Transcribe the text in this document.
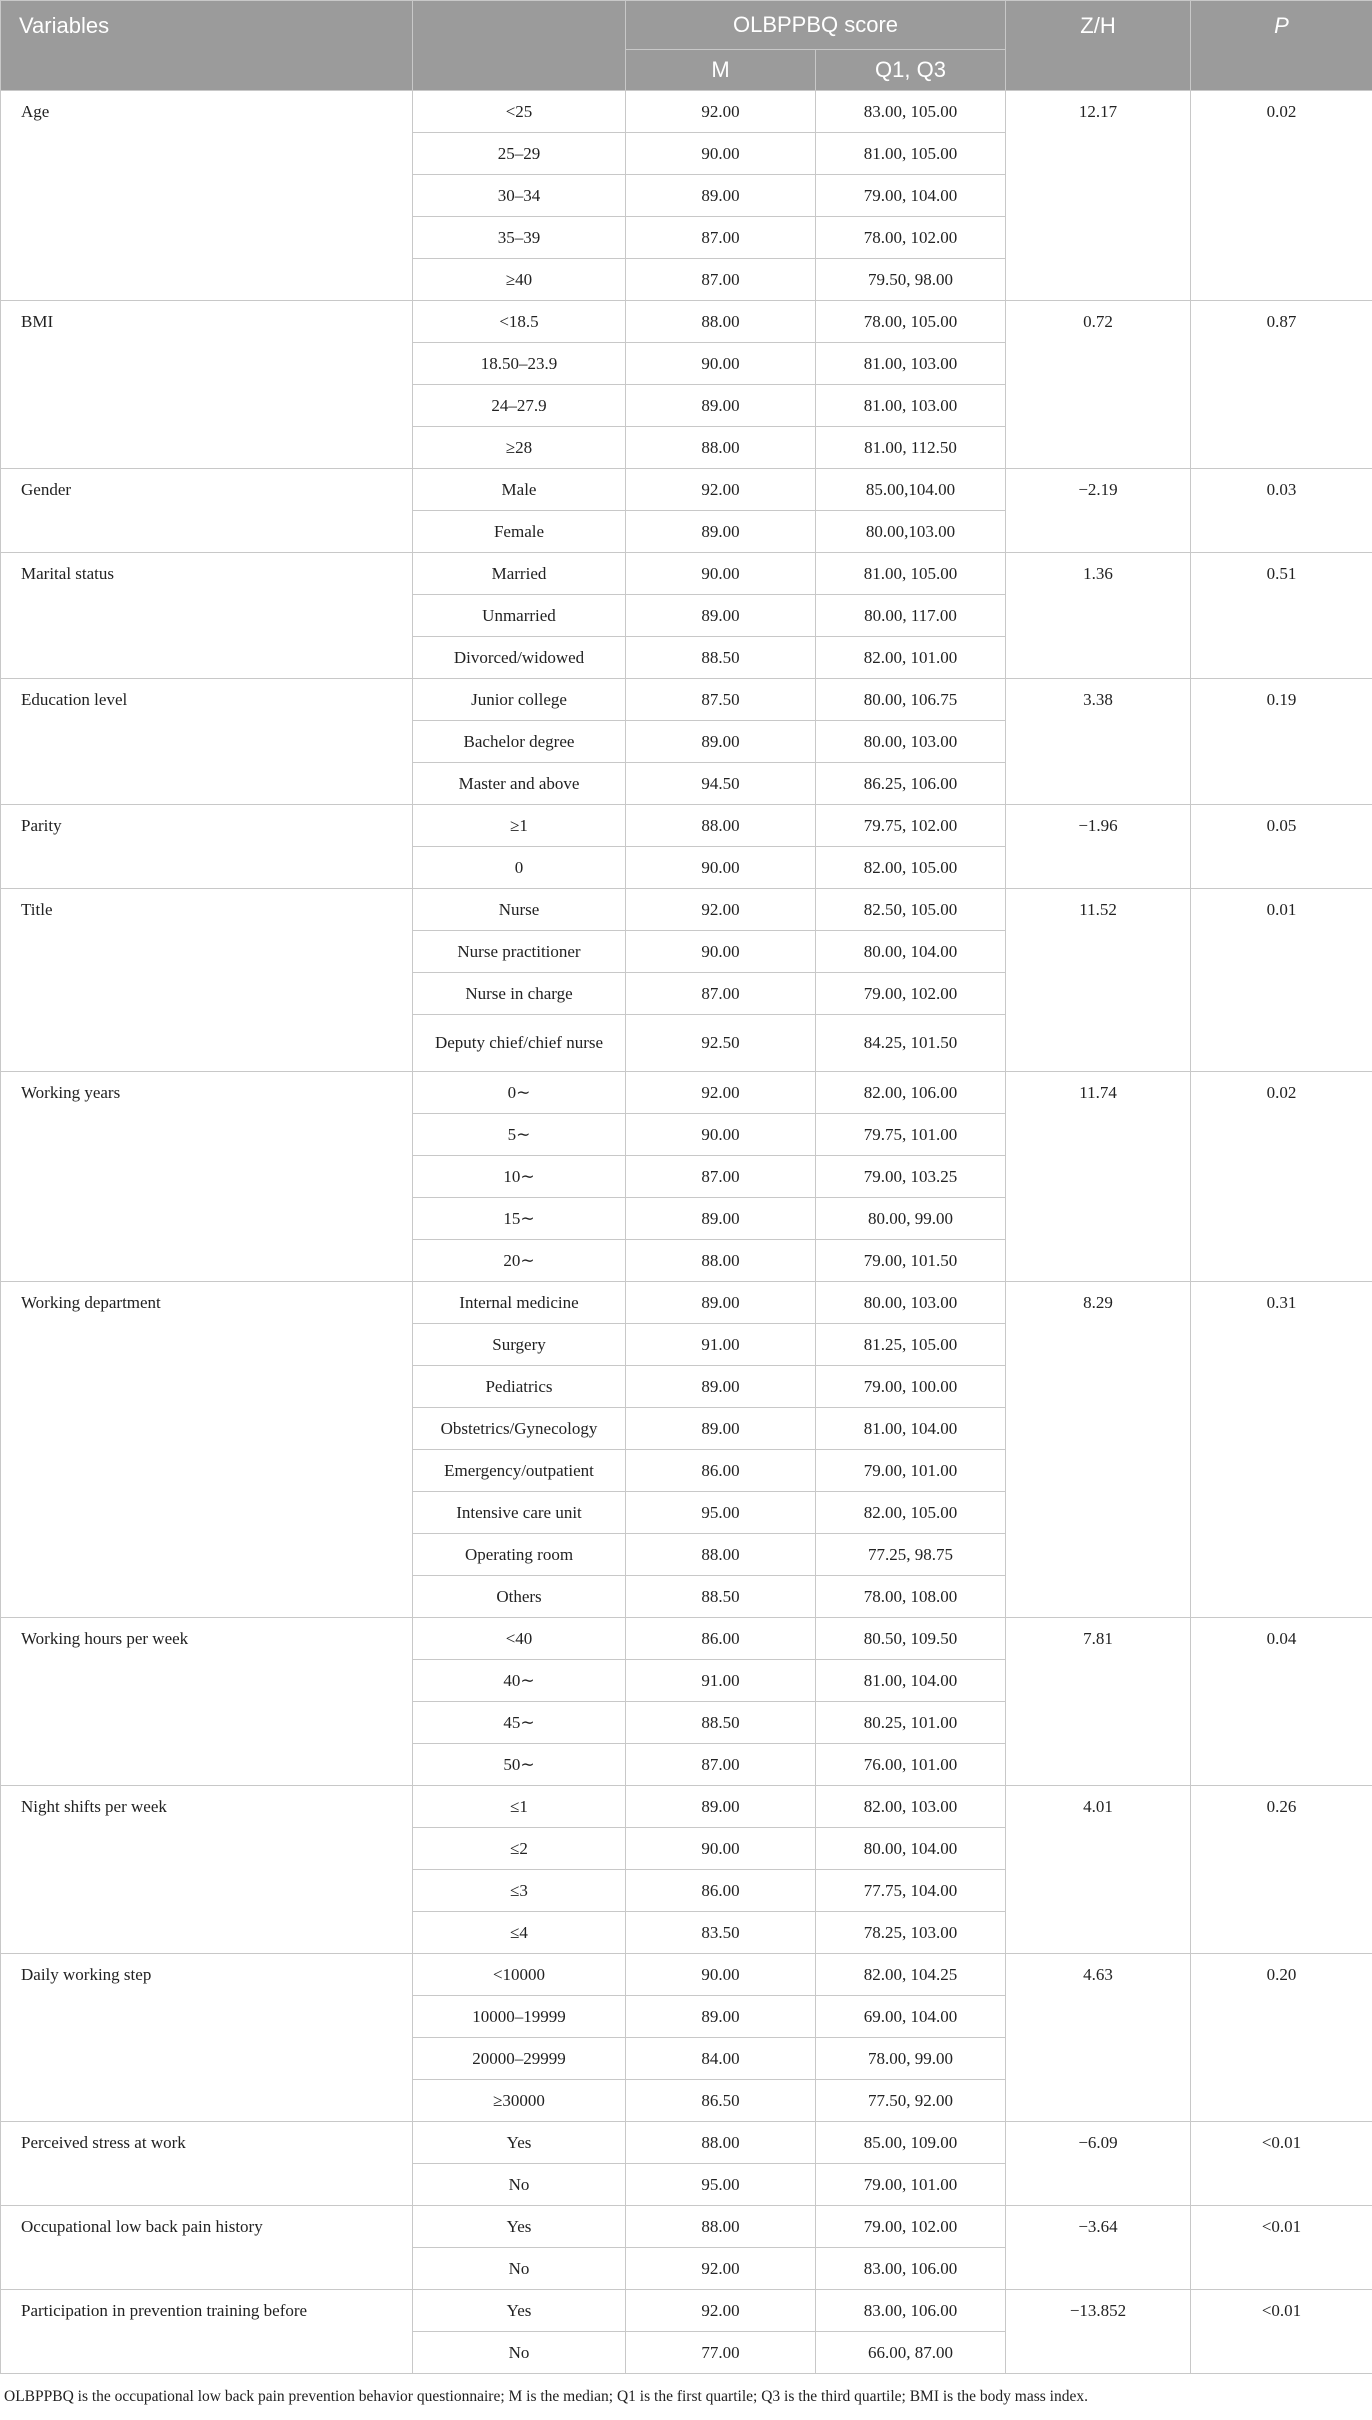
Variables		OLBPPBQ score		Z/H	P
		M	Q1, Q3		
Age	<25	92.00	83.00, 105.00	12.17	0.02
	25–29	90.00	81.00, 105.00		
	30–34	89.00	79.00, 104.00		
	35–39	87.00	78.00, 102.00		
	≥40	87.00	79.50, 98.00		
BMI	<18.5	88.00	78.00, 105.00	0.72	0.87
	18.50–23.9	90.00	81.00, 103.00		
	24–27.9	89.00	81.00, 103.00		
	≥28	88.00	81.00, 112.50		
Gender	Male	92.00	85.00,104.00	−2.19	0.03
	Female	89.00	80.00,103.00		
Marital status	Married	90.00	81.00, 105.00	1.36	0.51
	Unmarried	89.00	80.00, 117.00		
	Divorced/widowed	88.50	82.00, 101.00		
Education level	Junior college	87.50	80.00, 106.75	3.38	0.19
	Bachelor degree	89.00	80.00, 103.00		
	Master and above	94.50	86.25, 106.00		
Parity	≥1	88.00	79.75, 102.00	−1.96	0.05
	0	90.00	82.00, 105.00		
Title	Nurse	92.00	82.50, 105.00	11.52	0.01
	Nurse practitioner	90.00	80.00, 104.00		
	Nurse in charge	87.00	79.00, 102.00		
	Deputy chief/chief nurse	92.50	84.25, 101.50		
Working years	0∼	92.00	82.00, 106.00	11.74	0.02
	5∼	90.00	79.75, 101.00		
	10∼	87.00	79.00, 103.25		
	15∼	89.00	80.00, 99.00		
	20∼	88.00	79.00, 101.50		
Working department	Internal medicine	89.00	80.00, 103.00	8.29	0.31
	Surgery	91.00	81.25, 105.00		
	Pediatrics	89.00	79.00, 100.00		
	Obstetrics/Gynecology	89.00	81.00, 104.00		
	Emergency/outpatient	86.00	79.00, 101.00		
	Intensive care unit	95.00	82.00, 105.00		
	Operating room	88.00	77.25, 98.75		
	Others	88.50	78.00, 108.00		
Working hours per week	<40	86.00	80.50, 109.50	7.81	0.04
	40∼	91.00	81.00, 104.00		
	45∼	88.50	80.25, 101.00		
	50∼	87.00	76.00, 101.00		
Night shifts per week	≤1	89.00	82.00, 103.00	4.01	0.26
	≤2	90.00	80.00, 104.00		
	≤3	86.00	77.75, 104.00		
	≤4	83.50	78.25, 103.00		
Daily working step	<10000	90.00	82.00, 104.25	4.63	0.20
	10000–19999	89.00	69.00, 104.00		
	20000–29999	84.00	78.00, 99.00		
	≥30000	86.50	77.50, 92.00		
Perceived stress at work	Yes	88.00	85.00, 109.00	−6.09	<0.01
	No	95.00	79.00, 101.00		
Occupational low back pain history	Yes	88.00	79.00, 102.00	−3.64	<0.01
	No	92.00	83.00, 106.00		
Participation in prevention training before	Yes	92.00	83.00, 106.00	−13.852	<0.01
	No	77.00	66.00, 87.00		
OLBPPBQ is the occupational low back pain prevention behavior questionnaire; M is the median; Q1 is the first quartile; Q3 is the third quartile; BMI is the body mass index.
